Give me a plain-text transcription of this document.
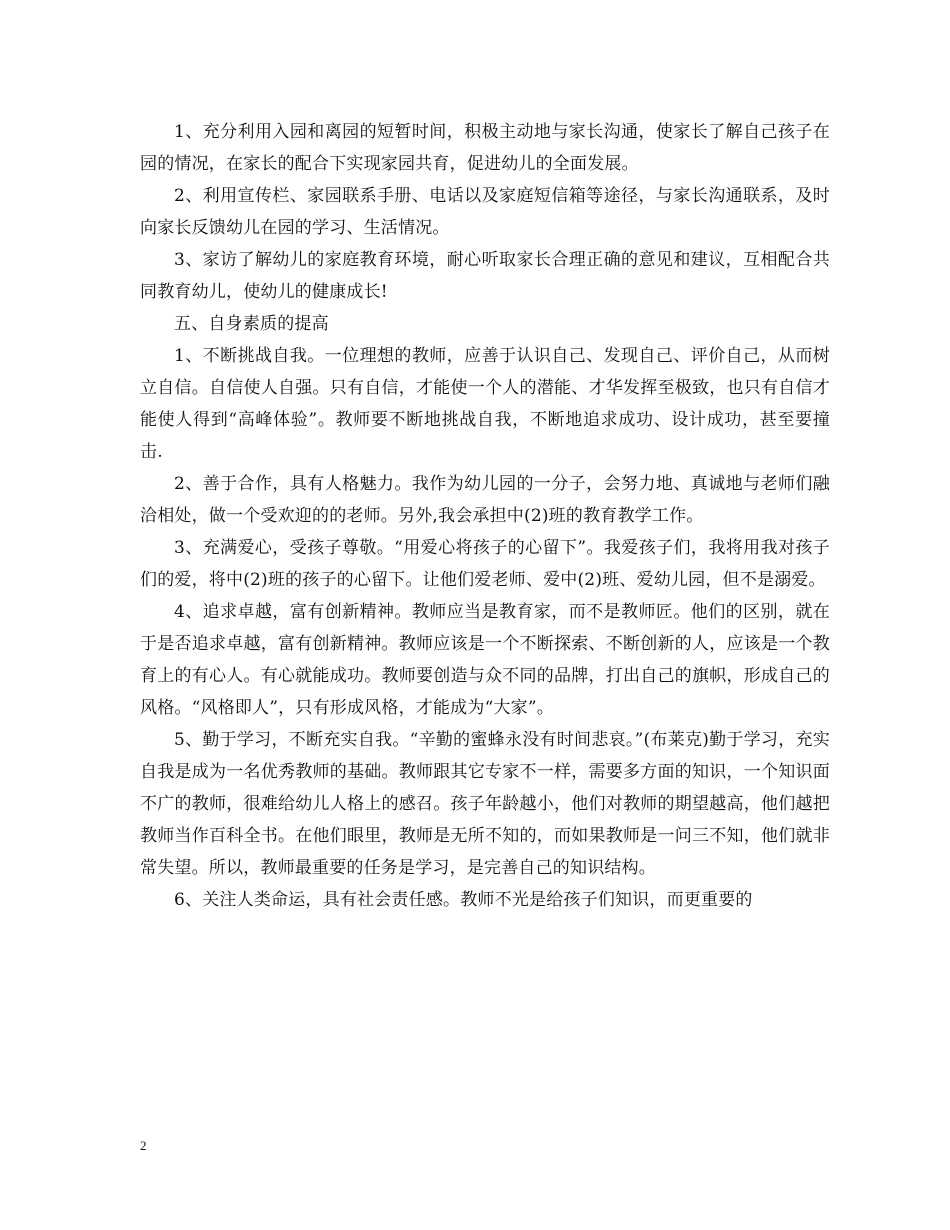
1、充分利用入园和离园的短暂时间，积极主动地与家长沟通，使家长了解自己孩子在园的情况，在家长的配合下实现家园共育，促进幼儿的全面发展。

2、利用宣传栏、家园联系手册、电话以及家庭短信箱等途径，与家长沟通联系，及时向家长反馈幼儿在园的学习、生活情况。

3、家访了解幼儿的家庭教育环境，耐心听取家长合理正确的意见和建议，互相配合共同教育幼儿，使幼儿的健康成长!

五、自身素质的提高

1、不断挑战自我。一位理想的教师，应善于认识自己、发现自己、评价自己，从而树立自信。自信使人自强。只有自信，才能使一个人的潜能、才华发挥至极致，也只有自信才能使人得到“高峰体验”。教师要不断地挑战自我，不断地追求成功、设计成功，甚至要撞击.

2、善于合作，具有人格魅力。我作为幼儿园的一分子，会努力地、真诚地与老师们融洽相处，做一个受欢迎的的老师。另外,我会承担中(2)班的教育教学工作。

3、充满爱心，受孩子尊敬。“用爱心将孩子的心留下”。我爱孩子们，我将用我对孩子们的爱，将中(2)班的孩子的心留下。让他们爱老师、爱中(2)班、爱幼儿园，但不是溺爱。

4、追求卓越，富有创新精神。教师应当是教育家，而不是教师匠。他们的区别，就在于是否追求卓越，富有创新精神。教师应该是一个不断探索、不断创新的人，应该是一个教育上的有心人。有心就能成功。教师要创造与众不同的品牌，打出自己的旗帜，形成自己的风格。“风格即人”，只有形成风格，才能成为“大家”。

5、勤于学习，不断充实自我。“辛勤的蜜蜂永没有时间悲哀。”(布莱克)勤于学习，充实自我是成为一名优秀教师的基础。教师跟其它专家不一样，需要多方面的知识，一个知识面不广的教师，很难给幼儿人格上的感召。孩子年龄越小，他们对教师的期望越高，他们越把教师当作百科全书。在他们眼里，教师是无所不知的，而如果教师是一问三不知，他们就非常失望。所以，教师最重要的任务是学习，是完善自己的知识结构。

6、关注人类命运，具有社会责任感。教师不光是给孩子们知识，而更重要的

2
